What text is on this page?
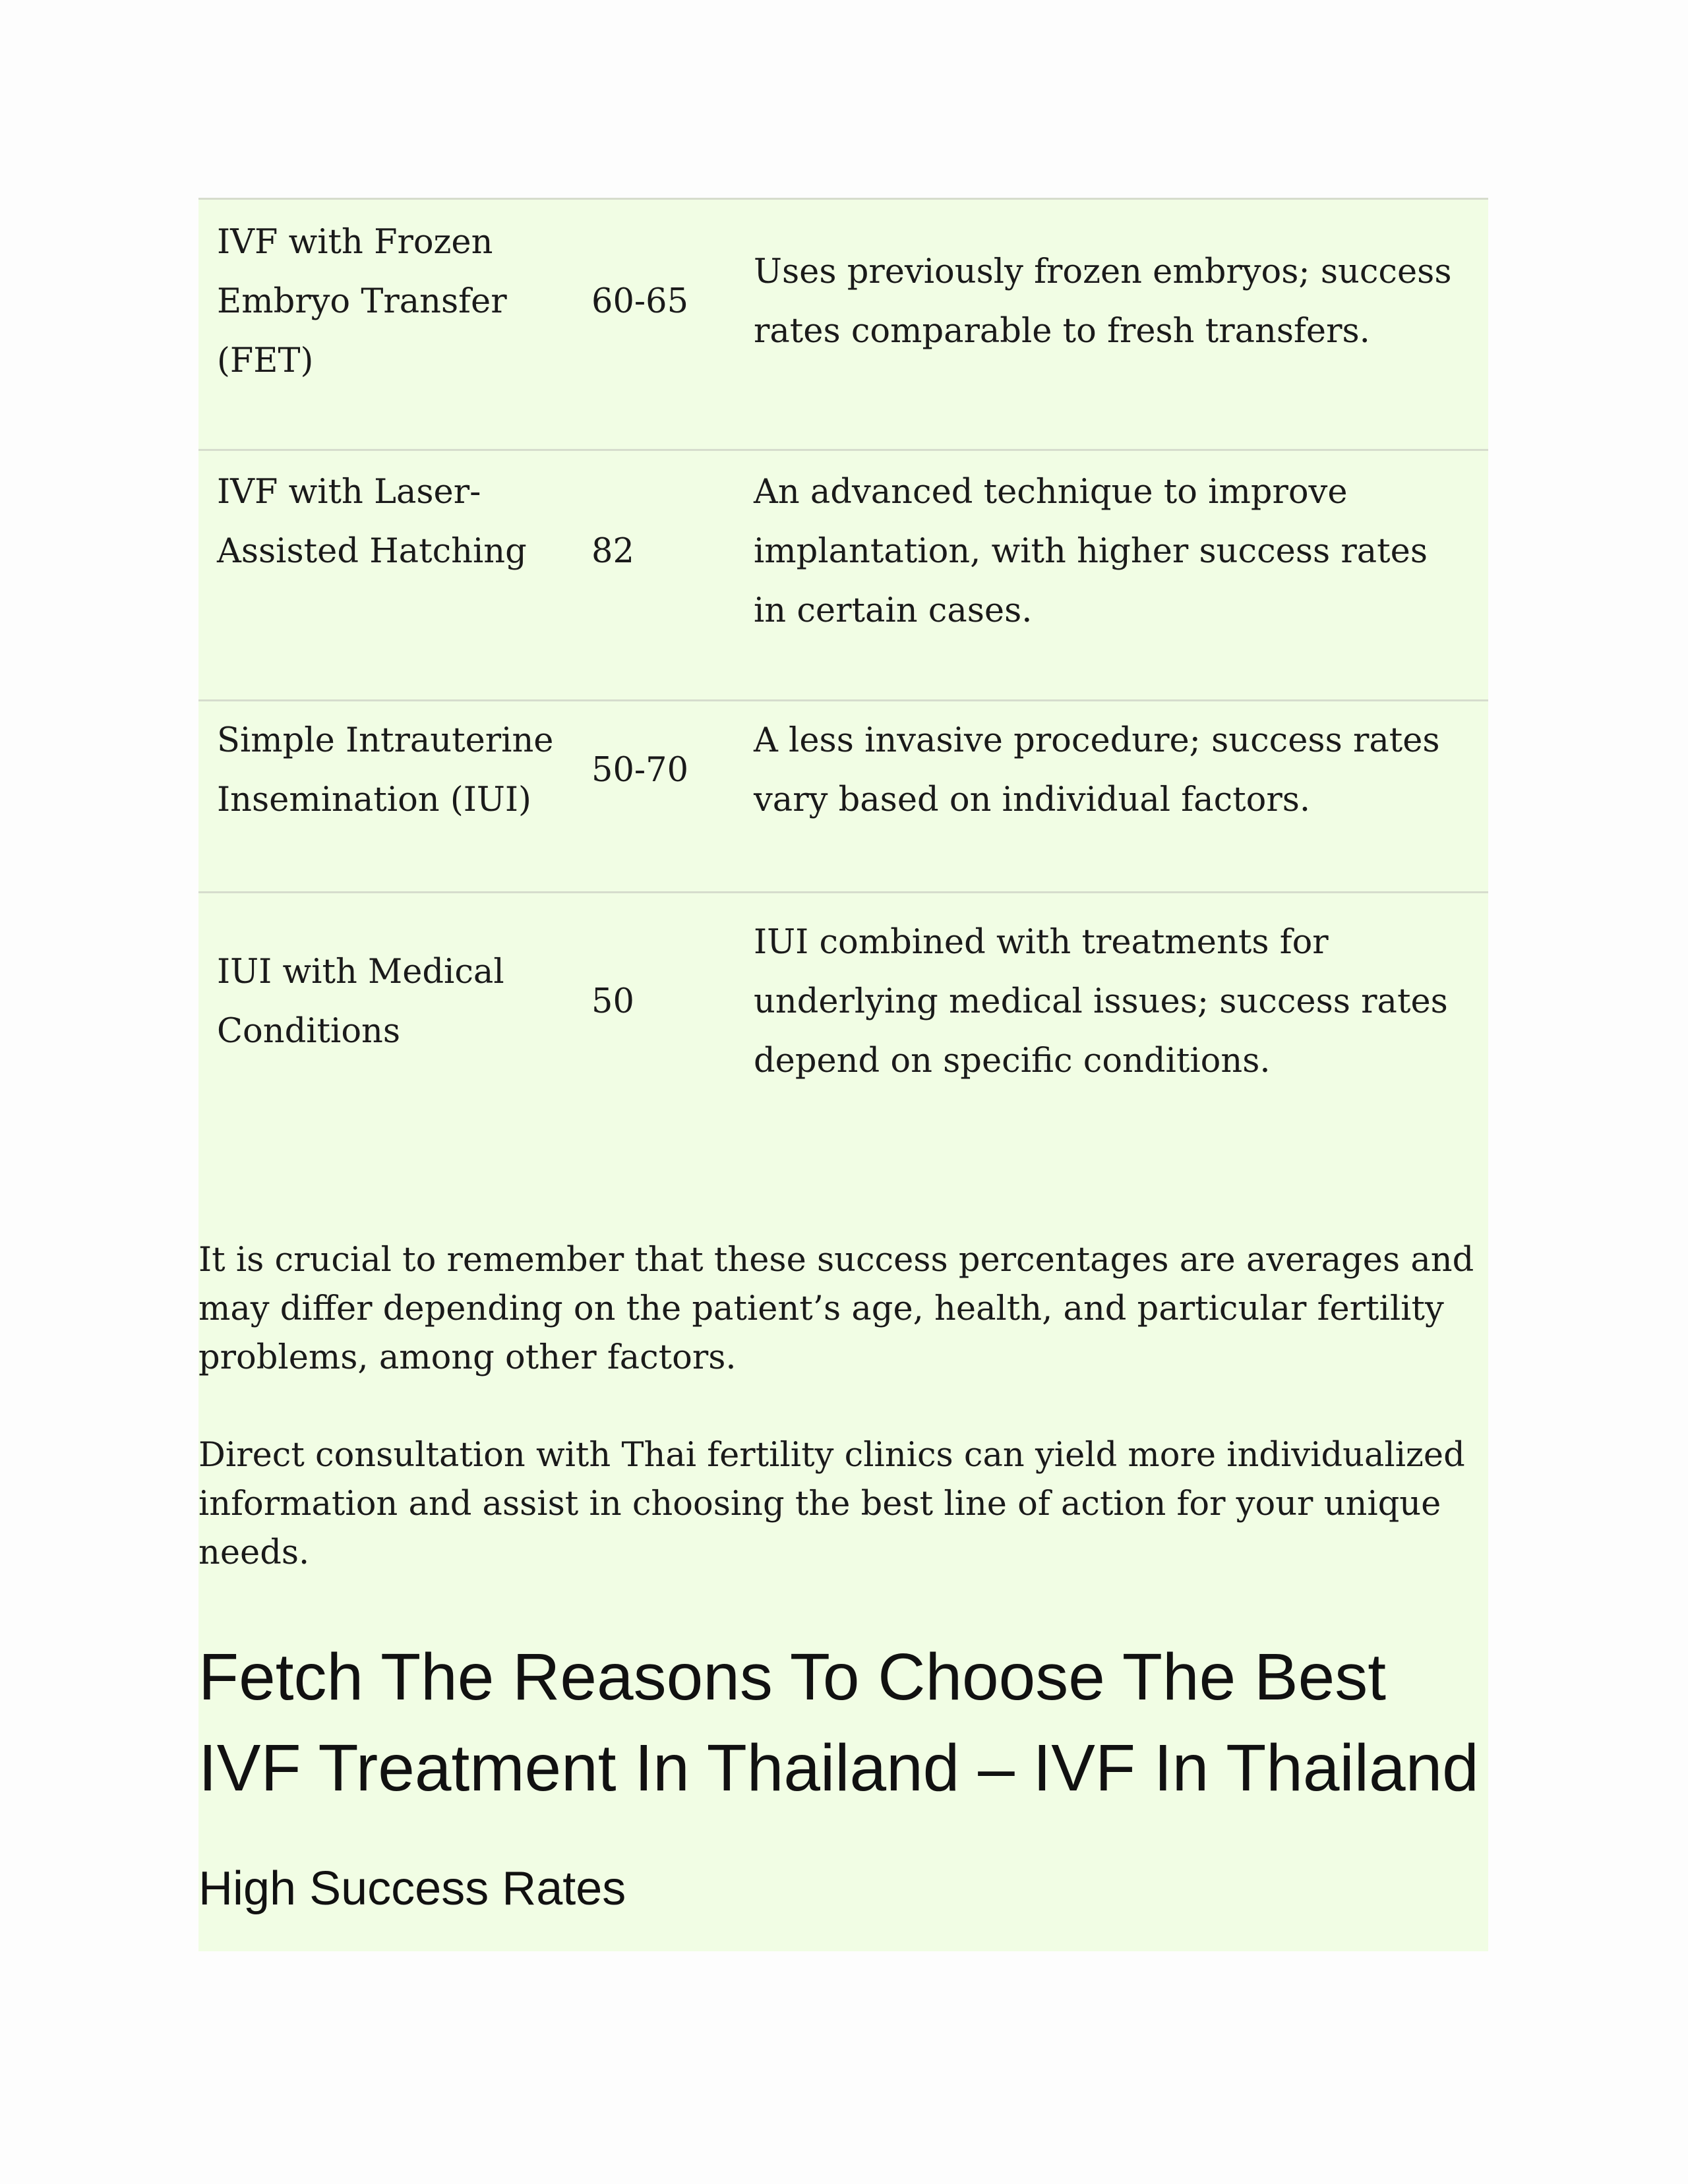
IVF with Frozen Embryo Transfer (FET)
60-65
Uses previously frozen embryos; success rates comparable to fresh transfers.
IVF with Laser-Assisted Hatching	82
An advanced technique to improve implantation, with higher success rates in certain cases.
Simple Intrauterine Insemination (IUI)
50-70
A less invasive procedure; success rates vary based on individual factors.
IUI with Medical Conditions
50
IUI combined with treatments for underlying medical issues; success rates depend on specific conditions.

It is crucial to remember that these success percentages are averages and may differ depending on the patient’s age, health, and particular fertility problems, among other factors.

Direct consultation with Thai fertility clinics can yield more individualized information and assist in choosing the best line of action for your unique needs.

Fetch The Reasons To Choose The Best IVF Treatment In Thailand – IVF In Thailand
High Success Rates
